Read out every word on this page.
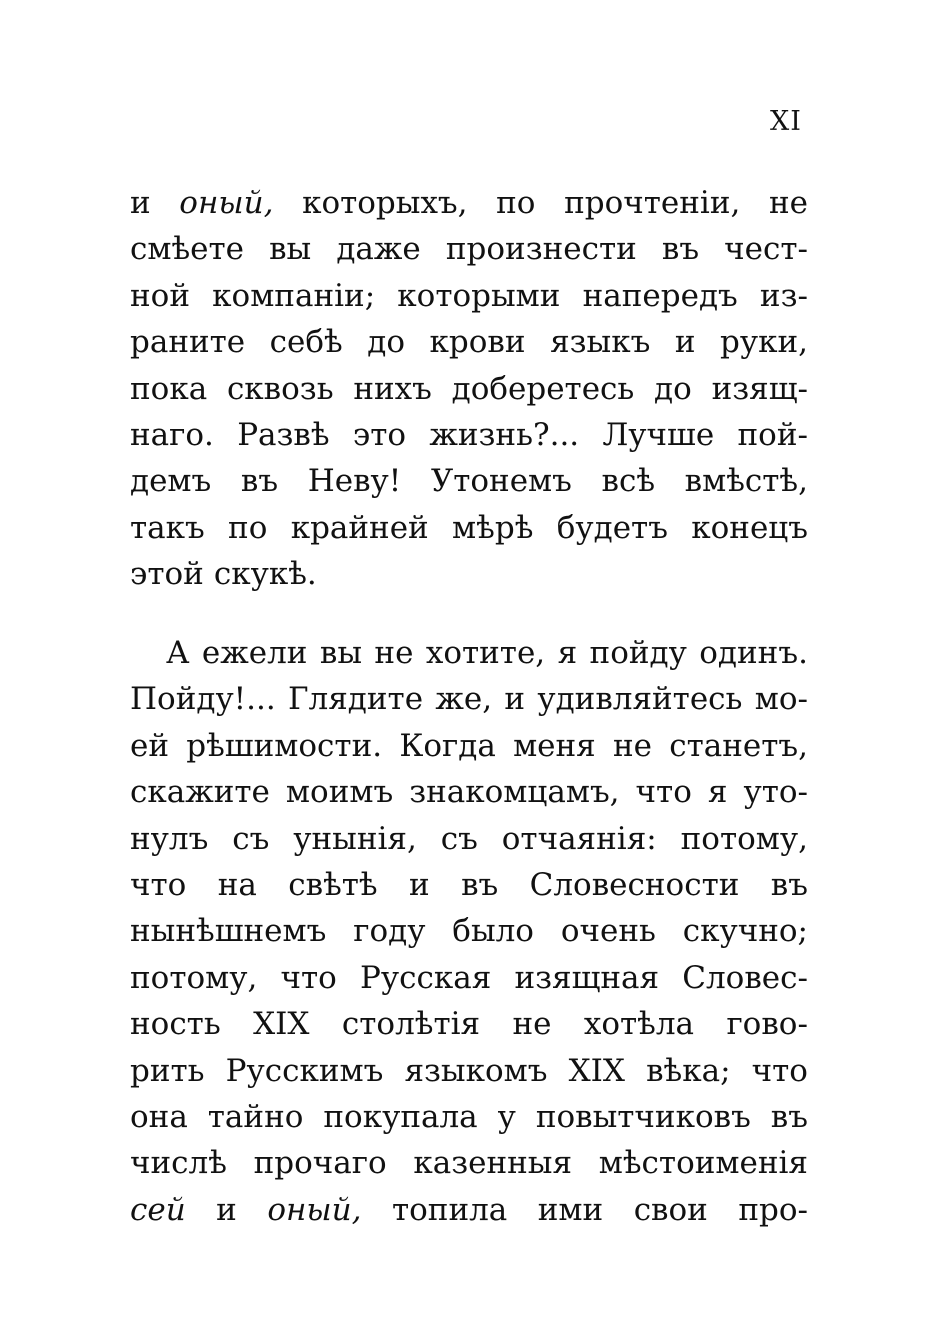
XI
и оный, которыхъ, по прочтеніи, не
смѣете вы даже произнести въ чест-
ной компаніи; которыми напередъ из-
раните себѣ до крови языкъ и руки,
пока сквозь нихъ доберетесь до изящ-
наго. Развѣ это жизнь?... Лучше пой-
демъ въ Неву! Утонемъ всѣ вмѣстѣ,
такъ по крайней мѣрѣ будетъ конецъ
этой скукѣ.
А ежели вы не хотите, я пойду одинъ.
Пойду!... Глядите же, и удивляйтесь мо-
ей рѣшимости. Когда меня не станетъ,
скажите моимъ знакомцамъ, что я уто-
нулъ съ унынія, съ отчаянія: потому,
что на свѣтѣ и въ Словесности въ
нынѣшнемъ году было очень скучно;
потому, что Русская изящная Словес-
ность XIX столѣтія не хотѣла гово-
рить Русскимъ языкомъ XIX вѣка; что
она тайно покупала у повытчиковъ въ
числѣ прочаго казенныя мѣстоименія
сей и оный, топила ими свои про-
